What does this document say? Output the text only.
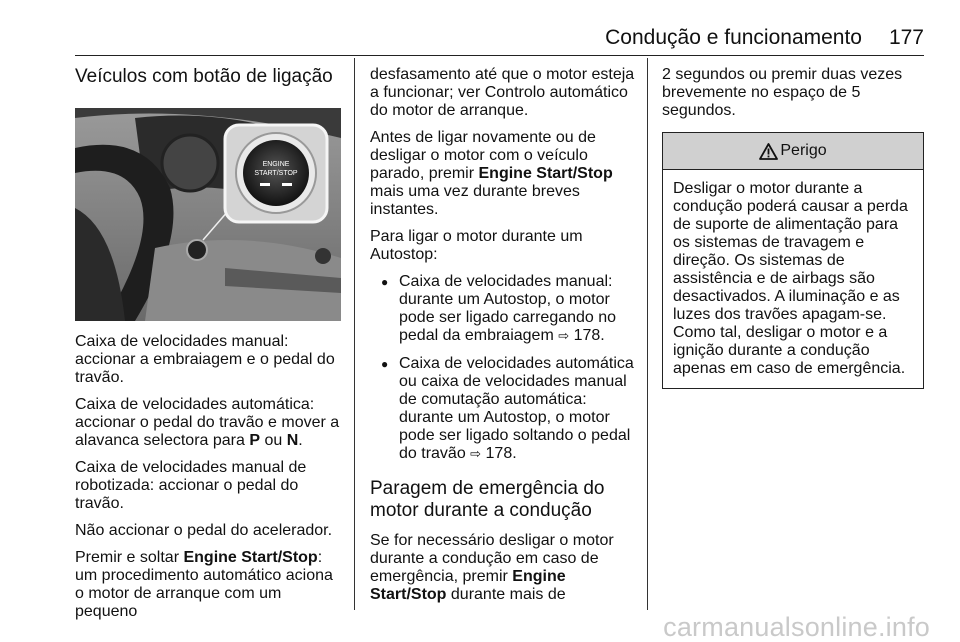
Condução e funcionamento 177
Veículos com botão de ligação
ENGINE
START/STOP

Caixa de velocidades manual: accionar a embraiagem e o pedal do travão.

Caixa de velocidades automática: accionar o pedal do travão e mover a alavanca selectora para P ou N.

Caixa de velocidades manual de robotizada: accionar o pedal do travão.

Não accionar o pedal do acelerador.

Premir e soltar Engine Start/Stop: um procedimento automático aciona o motor de arranque com um pequeno

desfasamento até que o motor esteja a funcionar; ver Controlo automático do motor de arranque.

Antes de ligar novamente ou de desligar o motor com o veículo parado, premir Engine Start/Stop mais uma vez durante breves instantes.

Para ligar o motor durante um Autostop:

● Caixa de velocidades manual: durante um Autostop, o motor pode ser ligado carregando no pedal da embraiagem ⇨ 178.
● Caixa de velocidades automática ou caixa de velocidades manual de comutação automática: durante um Autostop, o motor pode ser ligado soltando o pedal do travão ⇨ 178.
Paragem de emergência do motor durante a condução

Se for necessário desligar o motor durante a condução em caso de emergência, premir Engine Start/Stop durante mais de

2 segundos ou premir duas vezes brevemente no espaço de 5 segundos.

Perigo
Desligar o motor durante a condução poderá causar a perda de suporte de alimentação para os sistemas de travagem e direção. Os sistemas de assistência e de airbags são desactivados. A iluminação e as luzes dos travões apagam-se. Como tal, desligar o motor e a ignição durante a condução apenas em caso de emergência.
carmanualsonline.info
